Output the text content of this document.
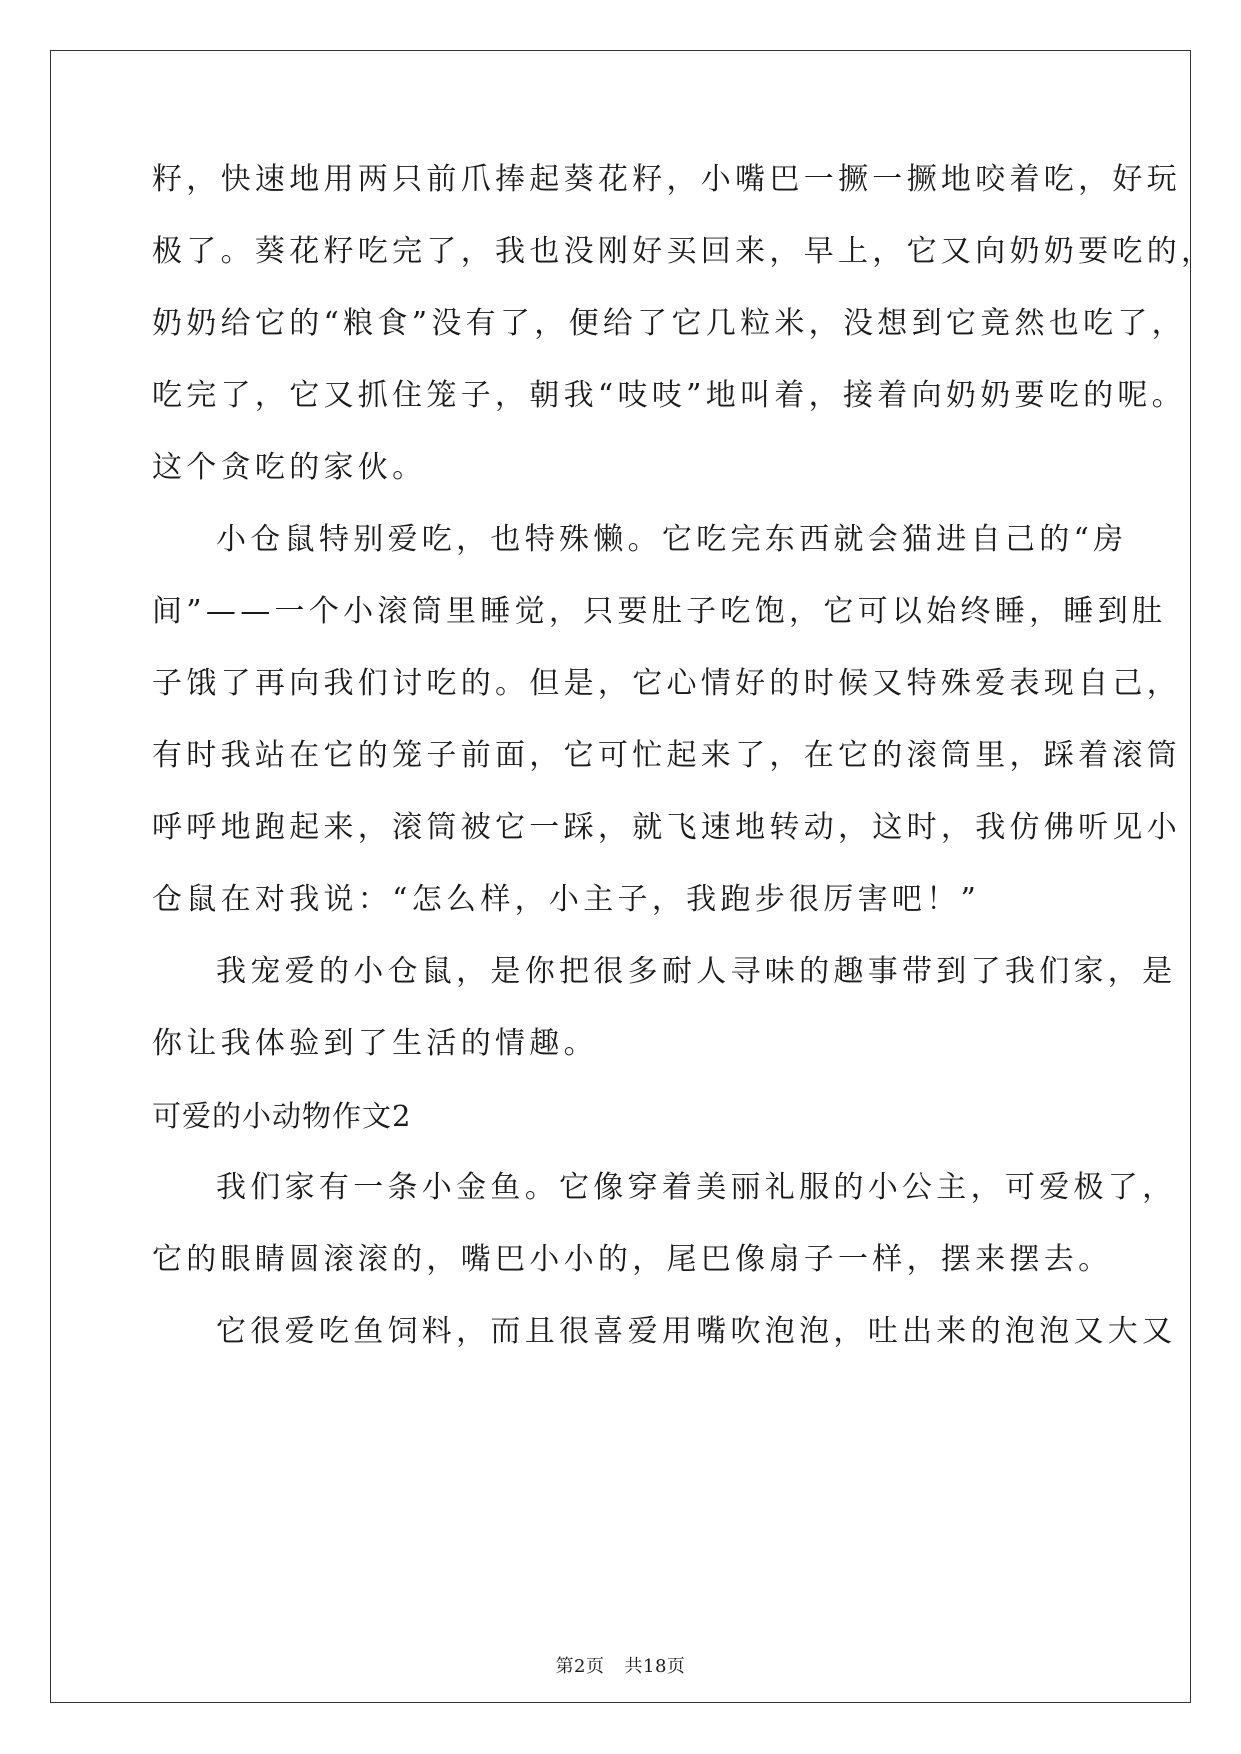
籽，快速地用两只前爪捧起葵花籽，小嘴巴一撅一撅地咬着吃，好玩
极了。葵花籽吃完了，我也没刚好买回来，早上，它又向奶奶要吃的，
奶奶给它的“粮食”没有了，便给了它几粒米，没想到它竟然也吃了，
吃完了，它又抓住笼子，朝我“吱吱”地叫着，接着向奶奶要吃的呢。
这个贪吃的家伙。
小仓鼠特别爱吃，也特殊懒。它吃完东西就会猫进自己的“房
间”——一个小滚筒里睡觉，只要肚子吃饱，它可以始终睡，睡到肚
子饿了再向我们讨吃的。但是，它心情好的时候又特殊爱表现自己，
有时我站在它的笼子前面，它可忙起来了，在它的滚筒里，踩着滚筒
呼呼地跑起来，滚筒被它一踩，就飞速地转动，这时，我仿佛听见小
仓鼠在对我说：“怎么样，小主子，我跑步很厉害吧！”
我宠爱的小仓鼠，是你把很多耐人寻味的趣事带到了我们家，是
你让我体验到了生活的情趣。
可爱的小动物作文2
我们家有一条小金鱼。它像穿着美丽礼服的小公主，可爱极了，
它的眼睛圆滚滚的，嘴巴小小的，尾巴像扇子一样，摆来摆去。
它很爱吃鱼饲料，而且很喜爱用嘴吹泡泡，吐出来的泡泡又大又
第2页 共18页
